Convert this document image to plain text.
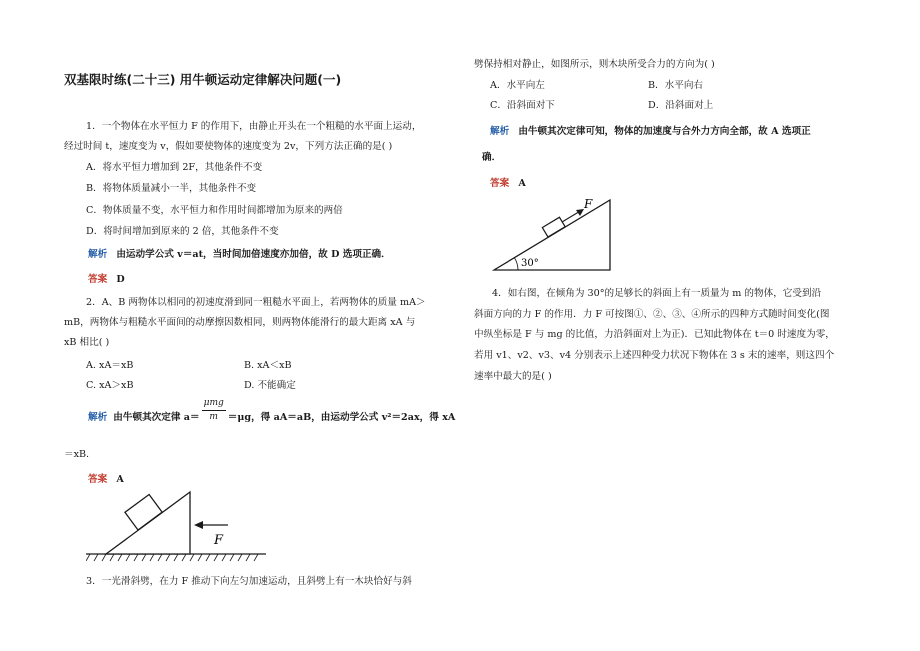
双基限时练(二十三) 用牛顿运动定律解决问题(一)
1．一个物体在水平恒力 F 的作用下，由静止开头在一个粗糙的水平面上运动，
经过时间 t，速度变为 v，假如要使物体的速度变为 2v，下列方法正确的是( )
A．将水平恒力增加到 2F，其他条件不变
B．将物体质量减小一半，其他条件不变
C．物体质量不变，水平恒力和作用时间都增加为原来的两倍
D．将时间增加到原来的 2 倍，其他条件不变
解析 由运动学公式 v＝at，当时间加倍速度亦加倍，故 D 选项正确．
答案 D
2．A、B 两物体以相同的初速度滑到同一粗糙水平面上，若两物体的质量 mA＞
mB，两物体与粗糙水平面间的动摩擦因数相同，则两物体能滑行的最大距离 xA 与
xB 相比( )
A. xA＝xB	B. xA＜xB
C. xA＞xB	D. 不能确定
解析
由牛顿其次定律 a＝
μmg
m ＝μg，得 aA＝aB，由运动学公式 v²＝2ax，得 xA
＝xB.
答案 A
F
3．一光滑斜劈，在力 F 推动下向左匀加速运动，且斜劈上有一木块恰好与斜
劈保持相对静止，如图所示，则木块所受合力的方向为( )
A．水平向左	B．水平向右
C．沿斜面对下	D．沿斜面对上
解析 由牛顿其次定律可知，物体的加速度与合外力方向全部，故 A 选项正
确．
答案 A
30°
F
4．如右图，在倾角为 30°的足够长的斜面上有一质量为 m 的物体，它受到沿
斜面方向的力 F 的作用．力 F 可按图①、②、③、④所示的四种方式随时间变化(图
中纵坐标是 F 与 mg 的比值，力沿斜面对上为正)．已知此物体在 t＝0 时速度为零，
若用 v1、v2、v3、v4 分别表示上述四种受力状况下物体在 3 s 末的速率，则这四个
速率中最大的是( )
